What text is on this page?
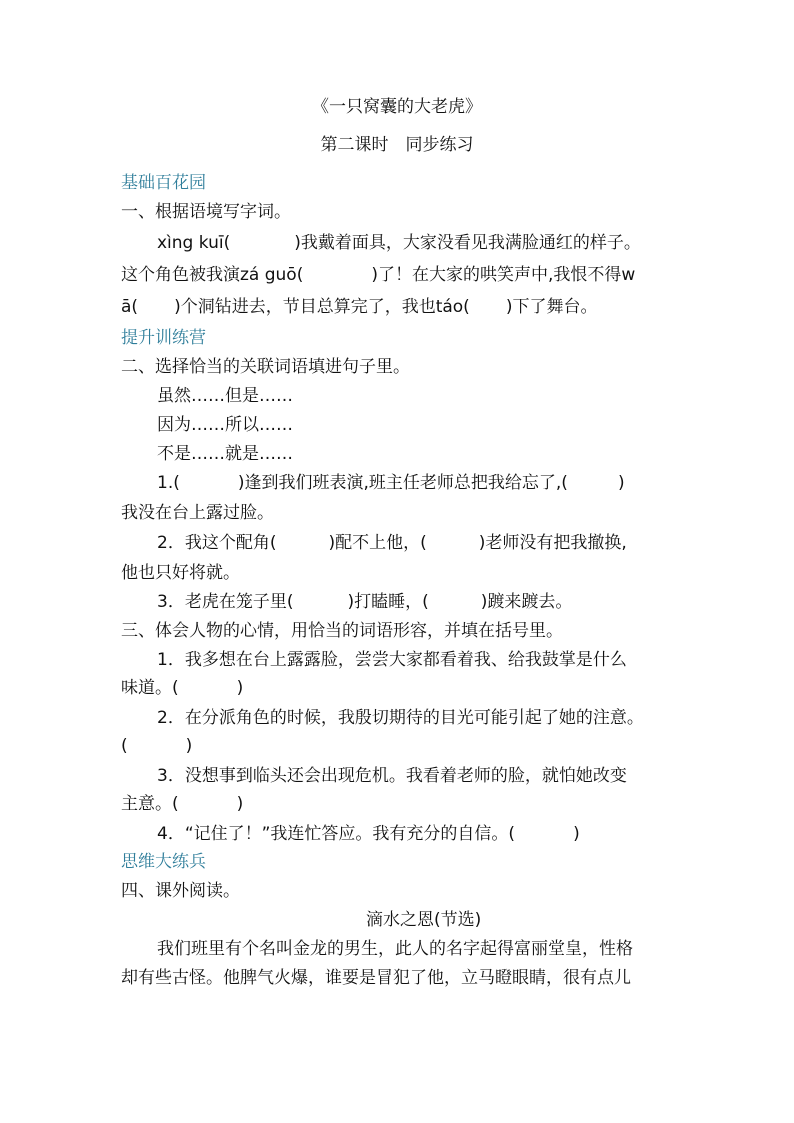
《一只窝囊的大老虎》
第二课时　同步练习
基础百花园
一、根据语境写字词。
xìng kuī(	)我戴着面具，大家没看见我满脸通红的样子。
这个角色被我演zá guō(	)了！在大家的哄笑声中,我恨不得w
ā( )个洞钻进去，节目总算完了，我也táo( )下了舞台。
提升训练营
二、选择恰当的关联词语填进句子里。
虽然……但是……
因为……所以……
不是……就是……
1.(	)逢到我们班表演,班主任老师总把我给忘了,(	)
我没在台上露过脸。
2．我这个配角(	)配不上他，(	)老师没有把我撤换,
他也只好将就。
3．老虎在笼子里(	)打瞌睡，(	)踱来踱去。
三、体会人物的心情，用恰当的词语形容，并填在括号里。
1．我多想在台上露露脸，尝尝大家都看着我、给我鼓掌是什么
味道。(	)
2．在分派角色的时候，我殷切期待的目光可能引起了她的注意。
(	)
3．没想事到临头还会出现危机。我看着老师的脸，就怕她改变
主意。(	)
4．“记住了！”我连忙答应。我有充分的自信。(	)
思维大练兵
四、课外阅读。
滴水之恩(节选)
我们班里有个名叫金龙的男生，此人的名字起得富丽堂皇，性格
却有些古怪。他脾气火爆，谁要是冒犯了他，立马瞪眼睛，很有点儿
